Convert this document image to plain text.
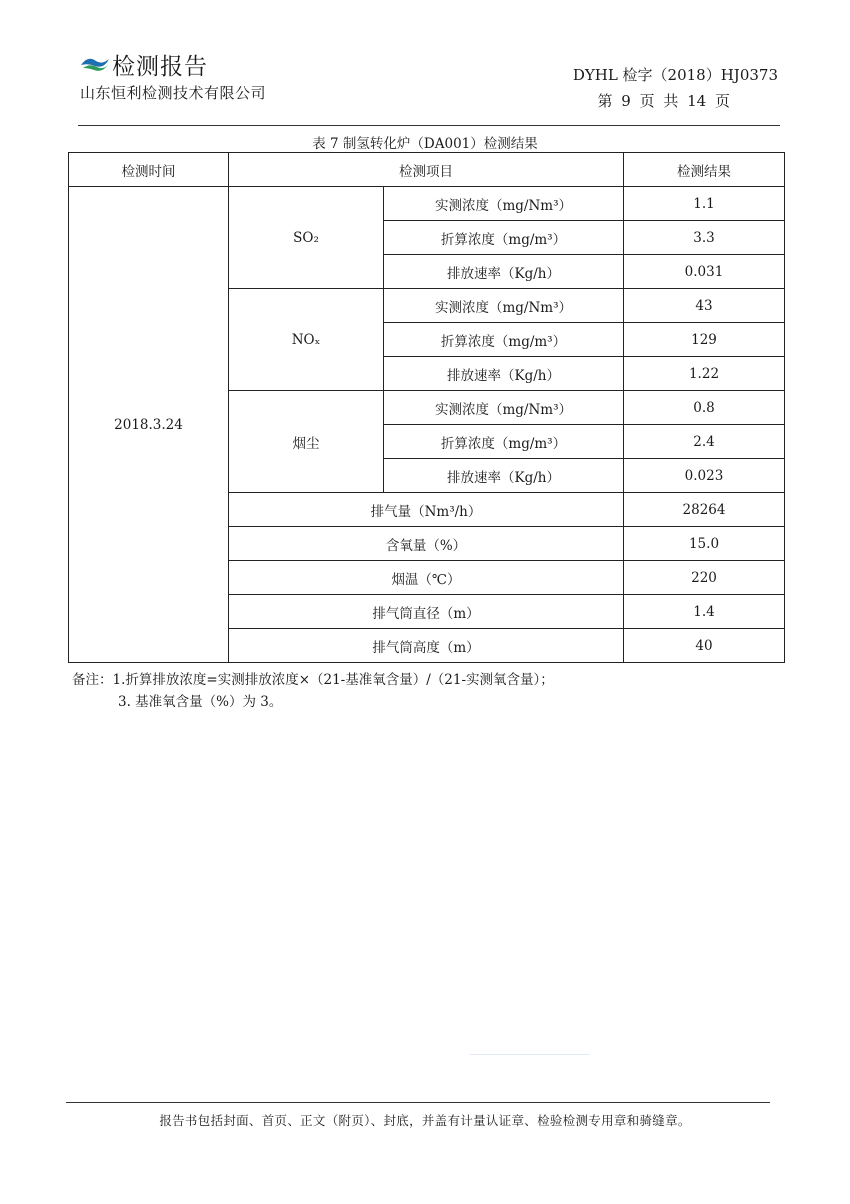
检测报告
山东恒利检测技术有限公司
DYHL 检字（2018）HJ0373
第 9 页 共 14 页
表 7 制氢转化炉（DA001）检测结果
检测时间	检测项目		检测结果
2018.3.24	SO₂	实测浓度（mg/Nm³）	1.1
		折算浓度（mg/m³）	3.3
		排放速率（Kg/h）	0.031
	NOₓ	实测浓度（mg/Nm³）	43
		折算浓度（mg/m³）	129
		排放速率（Kg/h）	1.22
	烟尘	实测浓度（mg/Nm³）	0.8
		折算浓度（mg/m³）	2.4
		排放速率（Kg/h）	0.023
	排气量（Nm³/h）		28264
	含氧量（%）		15.0
	烟温（℃）		220
	排气筒直径（m）		1.4
	排气筒高度（m）		40
备注：1.折算排放浓度=实测排放浓度×（21-基准氧含量）/（21-实测氧含量）；
3. 基准氧含量（%）为 3。
报告书包括封面、首页、正文（附页）、封底，并盖有计量认证章、检验检测专用章和骑缝章。
